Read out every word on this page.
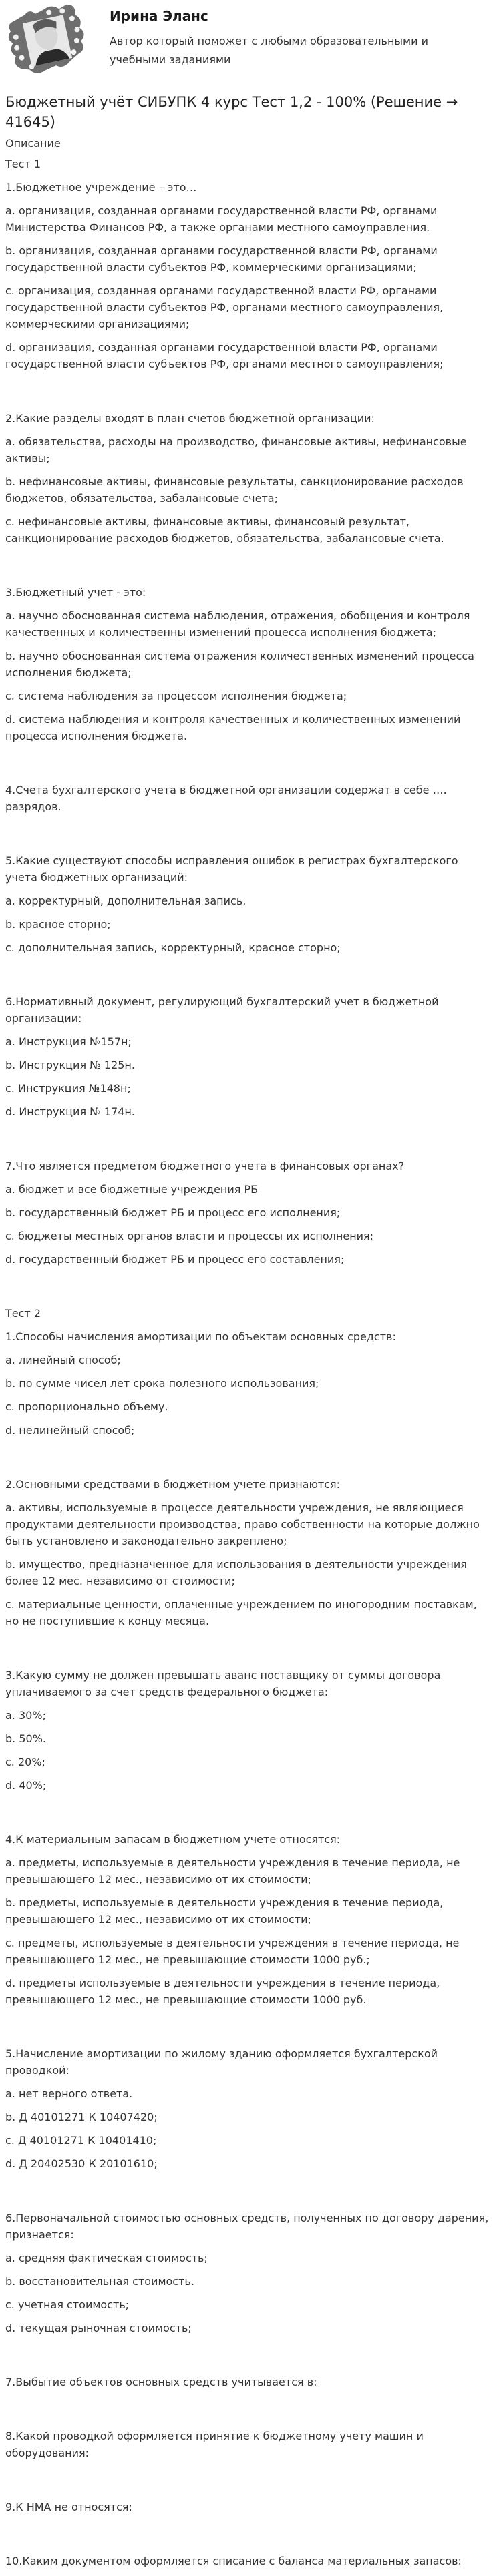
Ирина Эланс

Автор который поможет с любыми образовательными и учебными заданиями

Бюджетный учёт СИБУПК 4 курс Тест 1,2 - 100% (Решение → 41645)

Описание

Тест 1

1.Бюджетное учреждение – это…

a. организация, созданная органами государственной власти РФ, органами Министерства Финансов РФ, а также органами местного самоуправления.

b. организация, созданная органами государственной власти РФ, органами государственной власти субъектов РФ, коммерческими организациями;

c. организация, созданная органами государственной власти РФ, органами государственной власти субъектов РФ, органами местного самоуправления, коммерческими организациями;

d. организация, созданная органами государственной власти РФ, органами государственной власти субъектов РФ, органами местного самоуправления;

2.Какие разделы входят в план счетов бюджетной организации:

a. обязательства, расходы на производство, финансовые активы, нефинансовые активы;

b. нефинансовые активы, финансовые результаты, санкционирование расходов бюджетов, обязательства, забалансовые счета;

c. нефинансовые активы, финансовые активы, финансовый результат, санкционирование расходов бюджетов, обязательства, забалансовые счета.

3.Бюджетный учет - это:

a. научно обоснованная система наблюдения, отражения, обобщения и контроля качественных и количественны изменений процесса исполнения бюджета;

b. научно обоснованная система отражения количественных изменений процесса исполнения бюджета;

c. система наблюдения за процессом исполнения бюджета;

d. система наблюдения и контроля качественных и количественных изменений процесса исполнения бюджета.

4.Счета бухгалтерского учета в бюджетной организации содержат в себе …. разрядов.

5.Какие существуют способы исправления ошибок в регистрах бухгалтерского учета бюджетных организаций:

a. корректурный, дополнительная запись.

b. красное сторно;

c. дополнительная запись, корректурный, красное сторно;

6.Нормативный документ, регулирующий бухгалтерский учет в бюджетной организации:

a. Инструкция №157н;

b. Инструкция № 125н.

c. Инструкция №148н;

d. Инструкция № 174н.

7.Что является предметом бюджетного учета в финансовых органах?

a. бюджет и все бюджетные учреждения РБ

b. государственный бюджет РБ и процесс его исполнения;

c. бюджеты местных органов власти и процессы их исполнения;

d. государственный бюджет РБ и процесс его составления;

Тест 2

1.Способы начисления амортизации по объектам основных средств:

a. линейный способ;

b. по сумме чисел лет срока полезного использования;

c. пропорционально объему.

d. нелинейный способ;

2.Основными средствами в бюджетном учете признаются:

a. активы, используемые в процессе деятельности учреждения, не являющиеся продуктами деятельности производства, право собственности на которые должно быть установлено и законодательно закреплено;

b. имущество, предназначенное для использования в деятельности учреждения более 12 мес. независимо от стоимости;

c. материальные ценности, оплаченные учреждением по иногородним поставкам, но не поступившие к концу месяца.

3.Какую сумму не должен превышать аванс поставщику от суммы договора уплачиваемого за счет средств федерального бюджета:

a. 30%;

b. 50%.

c. 20%;

d. 40%;

4.К материальным запасам в бюджетном учете относятся:

a. предметы, используемые в деятельности учреждения в течение периода, не превышающего 12 мес., независимо от их стоимости;

b. предметы, используемые в деятельности учреждения в течение периода, превышающего 12 мес., независимо от их стоимости;

c. предметы, используемые в деятельности учреждения в течение периода, не превышающего 12 мес., не превышающие стоимости 1000 руб.;

d. предметы используемые в деятельности учреждения в течение периода, превышающего 12 мес., не превышающие стоимости 1000 руб.

5.Начисление амортизации по жилому зданию оформляется бухгалтерской проводкой:

a. нет верного ответа.

b. Д 40101271 К 10407420;

c. Д 40101271 К 10401410;

d. Д 20402530 К 20101610;

6.Первоначальной стоимостью основных средств, полученных по договору дарения, признается:

a. средняя фактическая стоимость;

b. восстановительная стоимость.

c. учетная стоимость;

d. текущая рыночная стоимость;

7.Выбытие объектов основных средств учитывается в:

8.Какой проводкой оформляется принятие к бюджетному учету машин и оборудования:

9.К НМА не относятся:

10.Каким документом оформляется списание с баланса материальных запасов:
